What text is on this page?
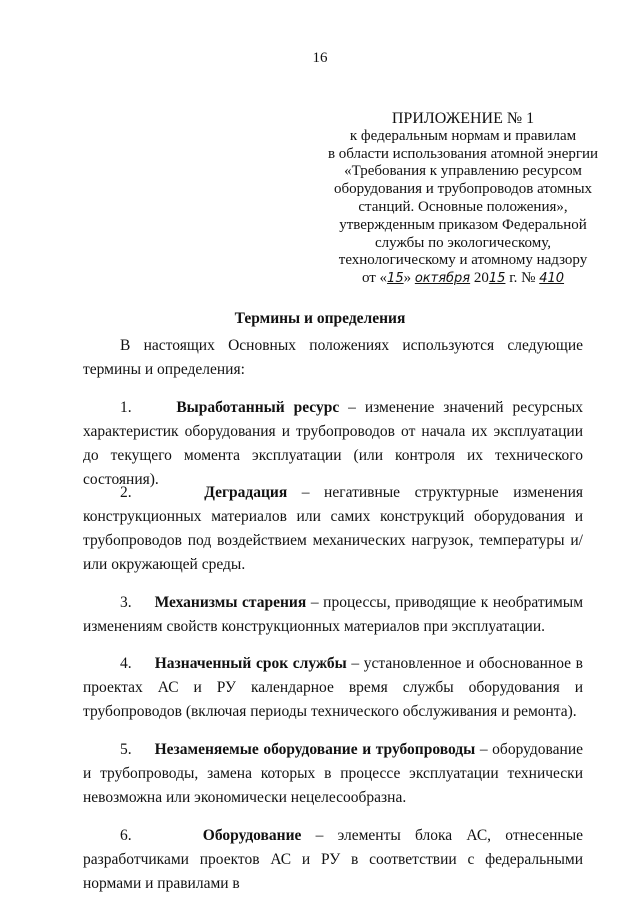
16
ПРИЛОЖЕНИЕ № 1
к федеральным нормам и правилам
в области использования атомной энергии
«Требования к управлению ресурсом
оборудования и трубопроводов атомных
станций. Основные положения»,
утвержденным приказом Федеральной
службы по экологическому,
технологическому и атомному надзору
от «15» октября 2015 г. № 410
Термины и определения

В настоящих Основных положениях используются следующие термины и определения:

1.	Выработанный ресурс – изменение значений ресурсных характеристик оборудования и трубопроводов от начала их эксплуатации до текущего момента эксплуатации (или контроля их технического состояния).

2.	Деградация – негативные структурные изменения конструкционных материалов или самих конструкций оборудования и трубопроводов под воздействием механических нагрузок, температуры и/или окружающей среды.

3. Механизмы старения – процессы, приводящие к необратимым изменениям свойств конструкционных материалов при эксплуатации.

4. Назначенный срок службы – установленное и обоснованное в проектах АС и РУ календарное время службы оборудования и трубопроводов (включая периоды технического обслуживания и ремонта).

5. Незаменяемые оборудование и трубопроводы – оборудование и трубопроводы, замена которых в процессе эксплуатации технически невозможна или экономически нецелесообразна.

6.	Оборудование – элементы блока АС, отнесенные разработчиками проектов АС и РУ в соответствии с федеральными нормами и правилами в
